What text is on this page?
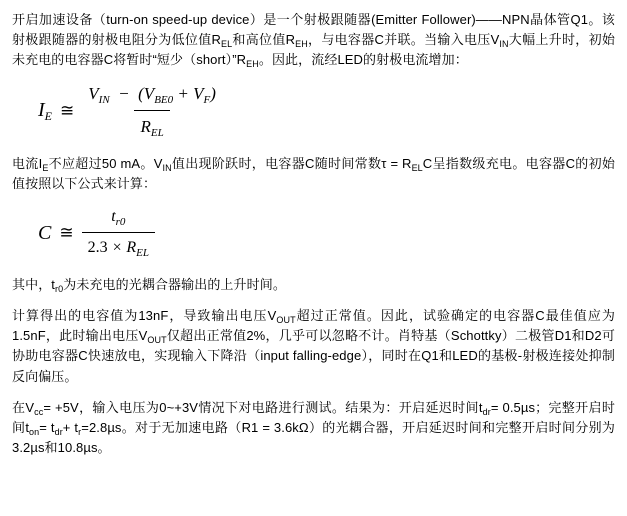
开启加速设备（turn-on speed-up device）是一个射极跟随器(Emitter Follower)——NPN晶体管Q1。该射极跟随器的射极电阻分为低位值$R_{EL}$和高位值$R_{EH}$，与电容器C并联。当输入电压$V_{IN}$大幅上升时，初始未充电的电容器C将暂时“短少$(short)”R_{EH}$。因此，流经LED的射极电流增加：

$I_E$ ≅ $\frac{V_{IN} - (V_{BE0} + V_F)}{R_{EL}}$

电流$I_E$不应超过50 mA。$V_{IN}$值出现阶跃时，电容器C随时间常数$\tau = R_{EL}C$呈指数级充电。电容器C的初始值按照以下公式来计算：

C ≅ $\frac{t_{r0}}{2.3 \times R_{EL}}$

其中，$t_{r0}$为未充电的光耦合器输出的上升时间。

计算得出的电容值为13nF，导致输出电压$V_{OUT}$超过正常值。因此，试验确定的电容器C最佳值应为1.5nF，此时输出电压$V_{OUT}$仅超出正常值2%，几乎可以忽略不计。肖特基（Schottky）二极管D1和D2可协助电容器C快速放电，实现输入下降沿（input falling-edge），同时在Q1和LED的基极-射极连接处抑制反向偏压。

在$V_{cc}= +5V$，输入电压为0~+3V情况下对电路进行测试。结果为：开启延迟时间$t_{dr}= 0.5\mu s$；完整开启时间$t_{on}= t_{dr}+ t_r=2.8\mu s$。对于无加速电路（R1 = 3.6kΩ）的光耦合器，开启延迟时间和完整开启时间分别为3.2µs和10.8µs。
